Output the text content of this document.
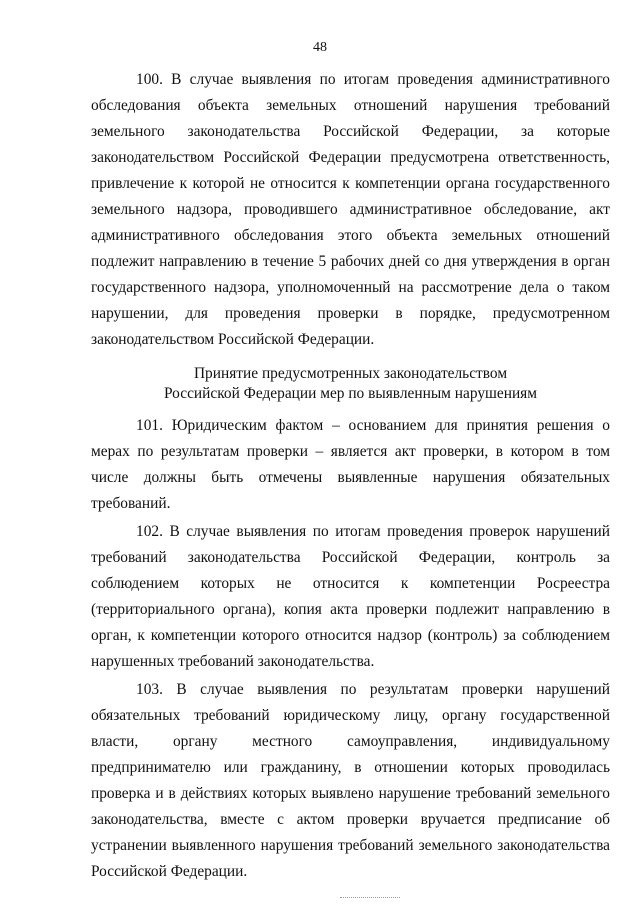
48

100. В случае выявления по итогам проведения административного обследования объекта земельных отношений нарушения требований земельного законодательства Российской Федерации, за которые законодательством Российской Федерации предусмотрена ответственность, привлечение к которой не относится к компетенции органа государственного земельного надзора, проводившего административное обследование, акт административного обследования этого объекта земельных отношений подлежит направлению в течение 5 рабочих дней со дня утверждения в орган государственного надзора, уполномоченный на рассмотрение дела о таком нарушении, для проведения проверки в порядке, предусмотренном законодательством Российской Федерации.

Принятие предусмотренных законодательством
Российской Федерации мер по выявленным нарушениям

101. Юридическим фактом – основанием для принятия решения о мерах по результатам проверки – является акт проверки, в котором в том числе должны быть отмечены выявленные нарушения обязательных требований.

102. В случае выявления по итогам проведения проверок нарушений требований законодательства Российской Федерации, контроль за соблюдением которых не относится к компетенции Росреестра (территориального органа), копия акта проверки подлежит направлению в орган, к компетенции которого относится надзор (контроль) за соблюдением нарушенных требований законодательства.

103. В случае выявления по результатам проверки нарушений обязательных требований юридическому лицу, органу государственной власти, органу местного самоуправления, индивидуальному предпринимателю или гражданину, в отношении которых проводилась проверка и в действиях которых выявлено нарушение требований земельного законодательства, вместе с актом проверки вручается предписание об устранении выявленного нарушения требований земельного законодательства Российской Федерации.
